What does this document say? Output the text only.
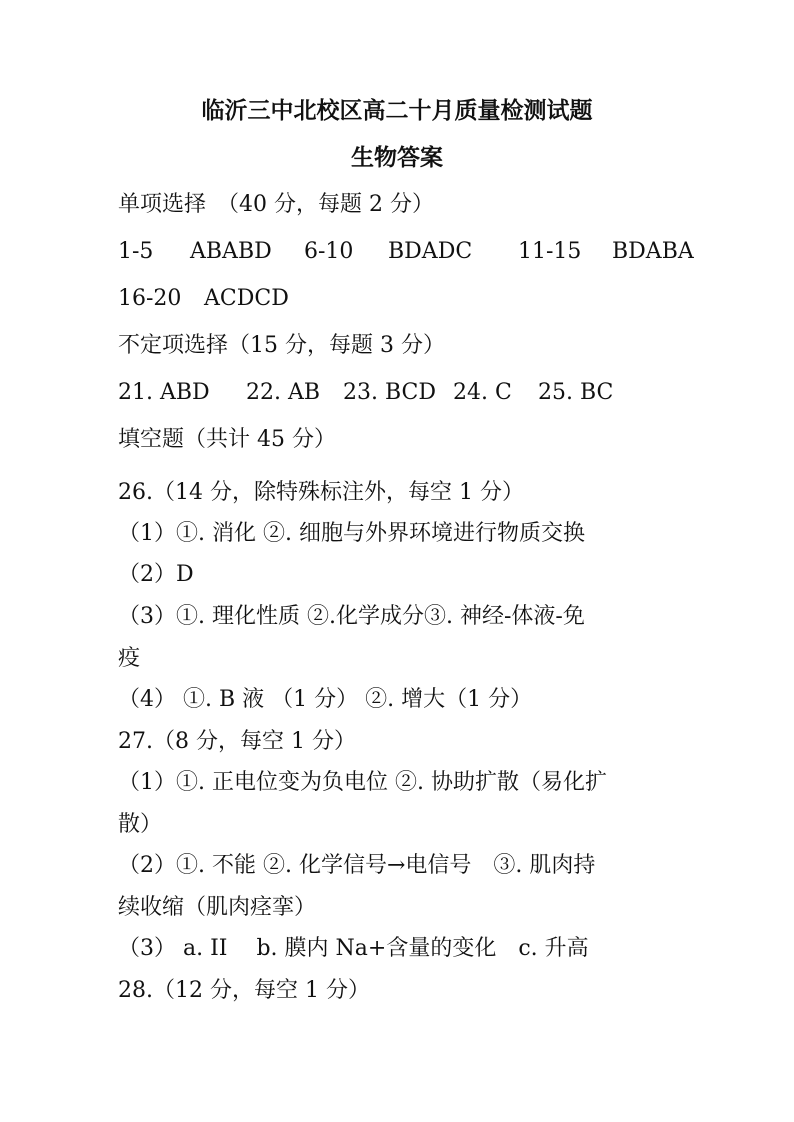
临沂三中北校区高二十月质量检测试题
生物答案
单项选择　（40 分，每题 2 分）
1-5 ABABD 6-10 BDADC 11-15 BDABA
16-20 ACDCD
不定项选择（15 分，每题 3 分）
21. ABD 22. AB 23. BCD 24. C 25. BC
填空题（共计 45 分）
26.（14 分，除特殊标注外，每空 1 分）
（1）①. 消化 ②. 细胞与外界环境进行物质交换
（2）D
（3）①. 理化性质 ②.化学成分③. 神经-体液-免
疫
（4） ①. B 液 （1 分） ②. 增大（1 分）
27.（8 分，每空 1 分）
（1）①. 正电位变为负电位 ②. 协助扩散（易化扩
散）
（2）①. 不能 ②. 化学信号→电信号　③. 肌肉持
续收缩（肌肉痉挛）
（3） a. II　 b. 膜内 Na+含量的变化　c. 升高
28.（12 分，每空 1 分）
